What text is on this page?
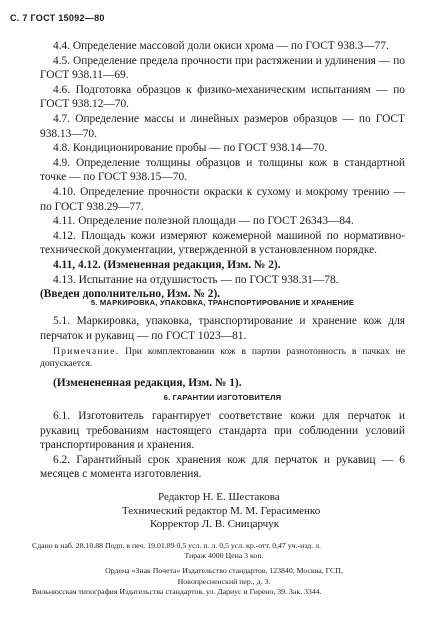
С. 7 ГОСТ 15092—80

4.4. Определение массовой доли окиси хрома — по ГОСТ 938.3—77.

4.5. Определение предела прочности при растяжении и удлинения — по ГОСТ 938.11—69.

4.6. Подготовка образцов к физико-механическим испытаниям — по ГОСТ 938.12—70.

4.7. Определение массы и линейных размеров образцов — по ГОСТ 938.13—70.

4.8. Кондиционирование пробы — по ГОСТ 938.14—70.

4.9. Определение толщины образцов и толщины кож в стандартной точке — по ГОСТ 938.15—70.

4.10. Определение прочности окраски к сухому и мокрому трению — по ГОСТ 938.29—77.

4.11. Определение полезной площади — по ГОСТ 26343—84.

4.12. Площадь кожи измеряют кожемерной машиной по нормативно-технической документации, утвержденной в установленном порядке.

4.11, 4.12. (Измененная редакция, Изм. № 2).

4.13. Испытание на отдушистость — по ГОСТ 938.31—78.

(Введен дополнительно, Изм. № 2).

5. МАРКИРОВКА, УПАКОВКА, ТРАНСПОРТИРОВАНИЕ И ХРАНЕНИЕ

5.1. Маркировка, упаковка, транспортирование и хранение кож для перчаток и рукавиц — по ГОСТ 1023—81.

Примечание. При комплектовании кож в партии разнотонность в пачках не допускается.

(Изменененная редакция, Изм. № 1).

6. ГАРАНТИИ ИЗГОТОВИТЕЛЯ

6.1. Изготовитель гарантирует соответствие кожи для перчаток и рукавиц требованиям настоящего стандарта при соблюдении условий транспортирования и хранения.

6.2. Гарантийный срок хранения кож для перчаток и рукавиц — 6 месяцев с момента изготовления.

Редактор Н. Е. Шестакова

Технический редактор М. М. Герасименко

Корректор Л. В. Сницарчук

Сдано в наб. 28.10.88 Подп. в печ. 19.01.89 0,5 усл. п. л. 0,5 усл. кр.-отт. 0,47 уч.-изд. л.

Тираж 4000 Цена 3 коп.

Ордена «Знак Почета» Издательство стандартов, 123840, Москва, ГСП,

Новопресненский пер., д. 3.

Вильнюсская типография Издательства стандартов, ул. Дариус и Гирено, 39. Зак. 3344.
